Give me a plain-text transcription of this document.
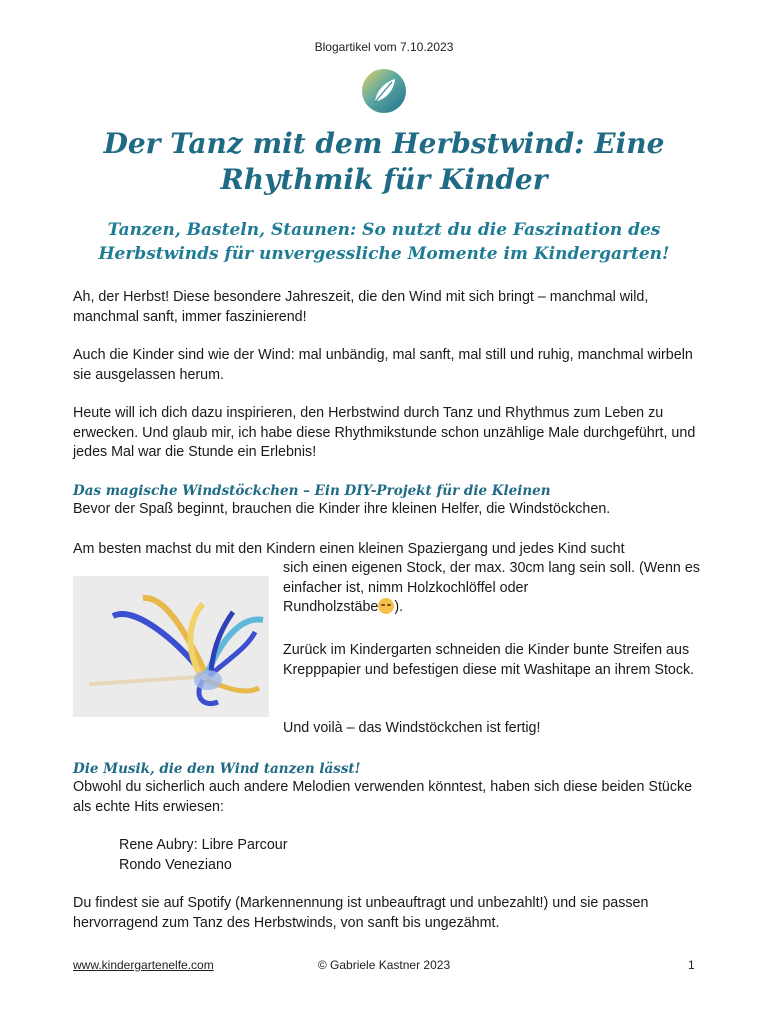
Blogartikel vom 7.10.2023
Der Tanz mit dem Herbstwind: Eine Rhythmik für Kinder
Tanzen, Basteln, Staunen: So nutzt du die Faszination des Herbstwinds für unvergessliche Momente im Kindergarten!

Ah, der Herbst! Diese besondere Jahreszeit, die den Wind mit sich bringt – manchmal wild, manchmal sanft, immer faszinierend!

Auch die Kinder sind wie der Wind: mal unbändig, mal sanft, mal still und ruhig, manchmal wirbeln sie ausgelassen herum.

Heute will ich dich dazu inspirieren, den Herbstwind durch Tanz und Rhythmus zum Leben zu erwecken. Und glaub mir, ich habe diese Rhythmikstunde schon unzählige Male durchgeführt, und jedes Mal war die Stunde ein Erlebnis!

Das magische Windstöckchen – Ein DIY-Projekt für die Kleinen

Bevor der Spaß beginnt, brauchen die Kinder ihre kleinen Helfer, die Windstöckchen.

Am besten machst du mit den Kindern einen kleinen Spaziergang und jedes Kind sucht

sich einen eigenen Stock, der max. 30cm lang sein soll. (Wenn es einfacher ist, nimm Holzkochlöffel oder
Rundholzstäbe ).

Zurück im Kindergarten schneiden die Kinder bunte Streifen aus Krepppapier und befestigen diese mit Washitape an ihrem Stock.

Und voilà – das Windstöckchen ist fertig!

Die Musik, die den Wind tanzen lässt!

Obwohl du sicherlich auch andere Melodien verwenden könntest, haben sich diese beiden Stücke als echte Hits erwiesen:

Rene Aubry: Libre Parcour
Rondo Veneziano

Du findest sie auf Spotify (Markennennung ist unbeauftragt und unbezahlt!) und sie passen hervorragend zum Tanz des Herbstwinds, von sanft bis ungezähmt.

www.kindergartenelfe.com	© Gabriele Kastner 2023	1
